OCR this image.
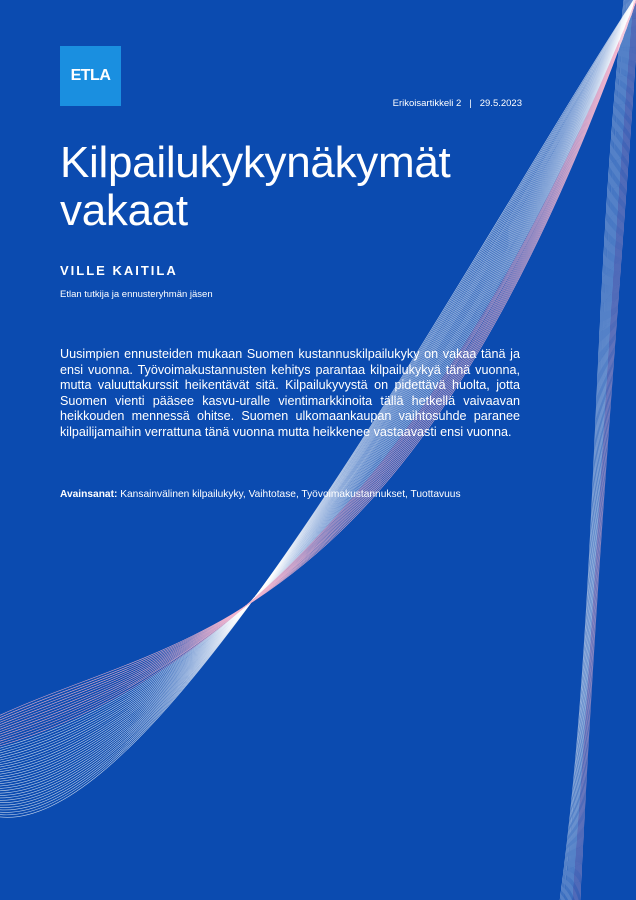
ETLA
Erikoisartikkeli 2 | 29.5.2023
Kilpailukykynäkymät
vakaat
VILLE KAITILA
Etlan tutkija ja ennusteryhmän jäsen

Uusimpien ennusteiden mukaan Suomen kustannuskilpailukyky on vakaa tänä ja ensi vuonna. Työvoimakustannusten kehitys parantaa kilpailukykyä tänä vuonna, mutta valuuttakurssit heikentävät sitä. Kilpailukyvystä on pidettävä huolta, jotta Suomen vienti pääsee kasvu-uralle vientimarkkinoita tällä hetkellä vaivaavan heikkouden mennessä ohitse. Suomen ulkomaankaupan vaihtosuhde paranee kilpailijamaihin verrattuna tänä vuonna mutta heikkenee vastaavasti ensi vuonna.

Avainsanat: Kansainvälinen kilpailukyky, Vaihtotase, Työvoimakustannukset, Tuottavuus
